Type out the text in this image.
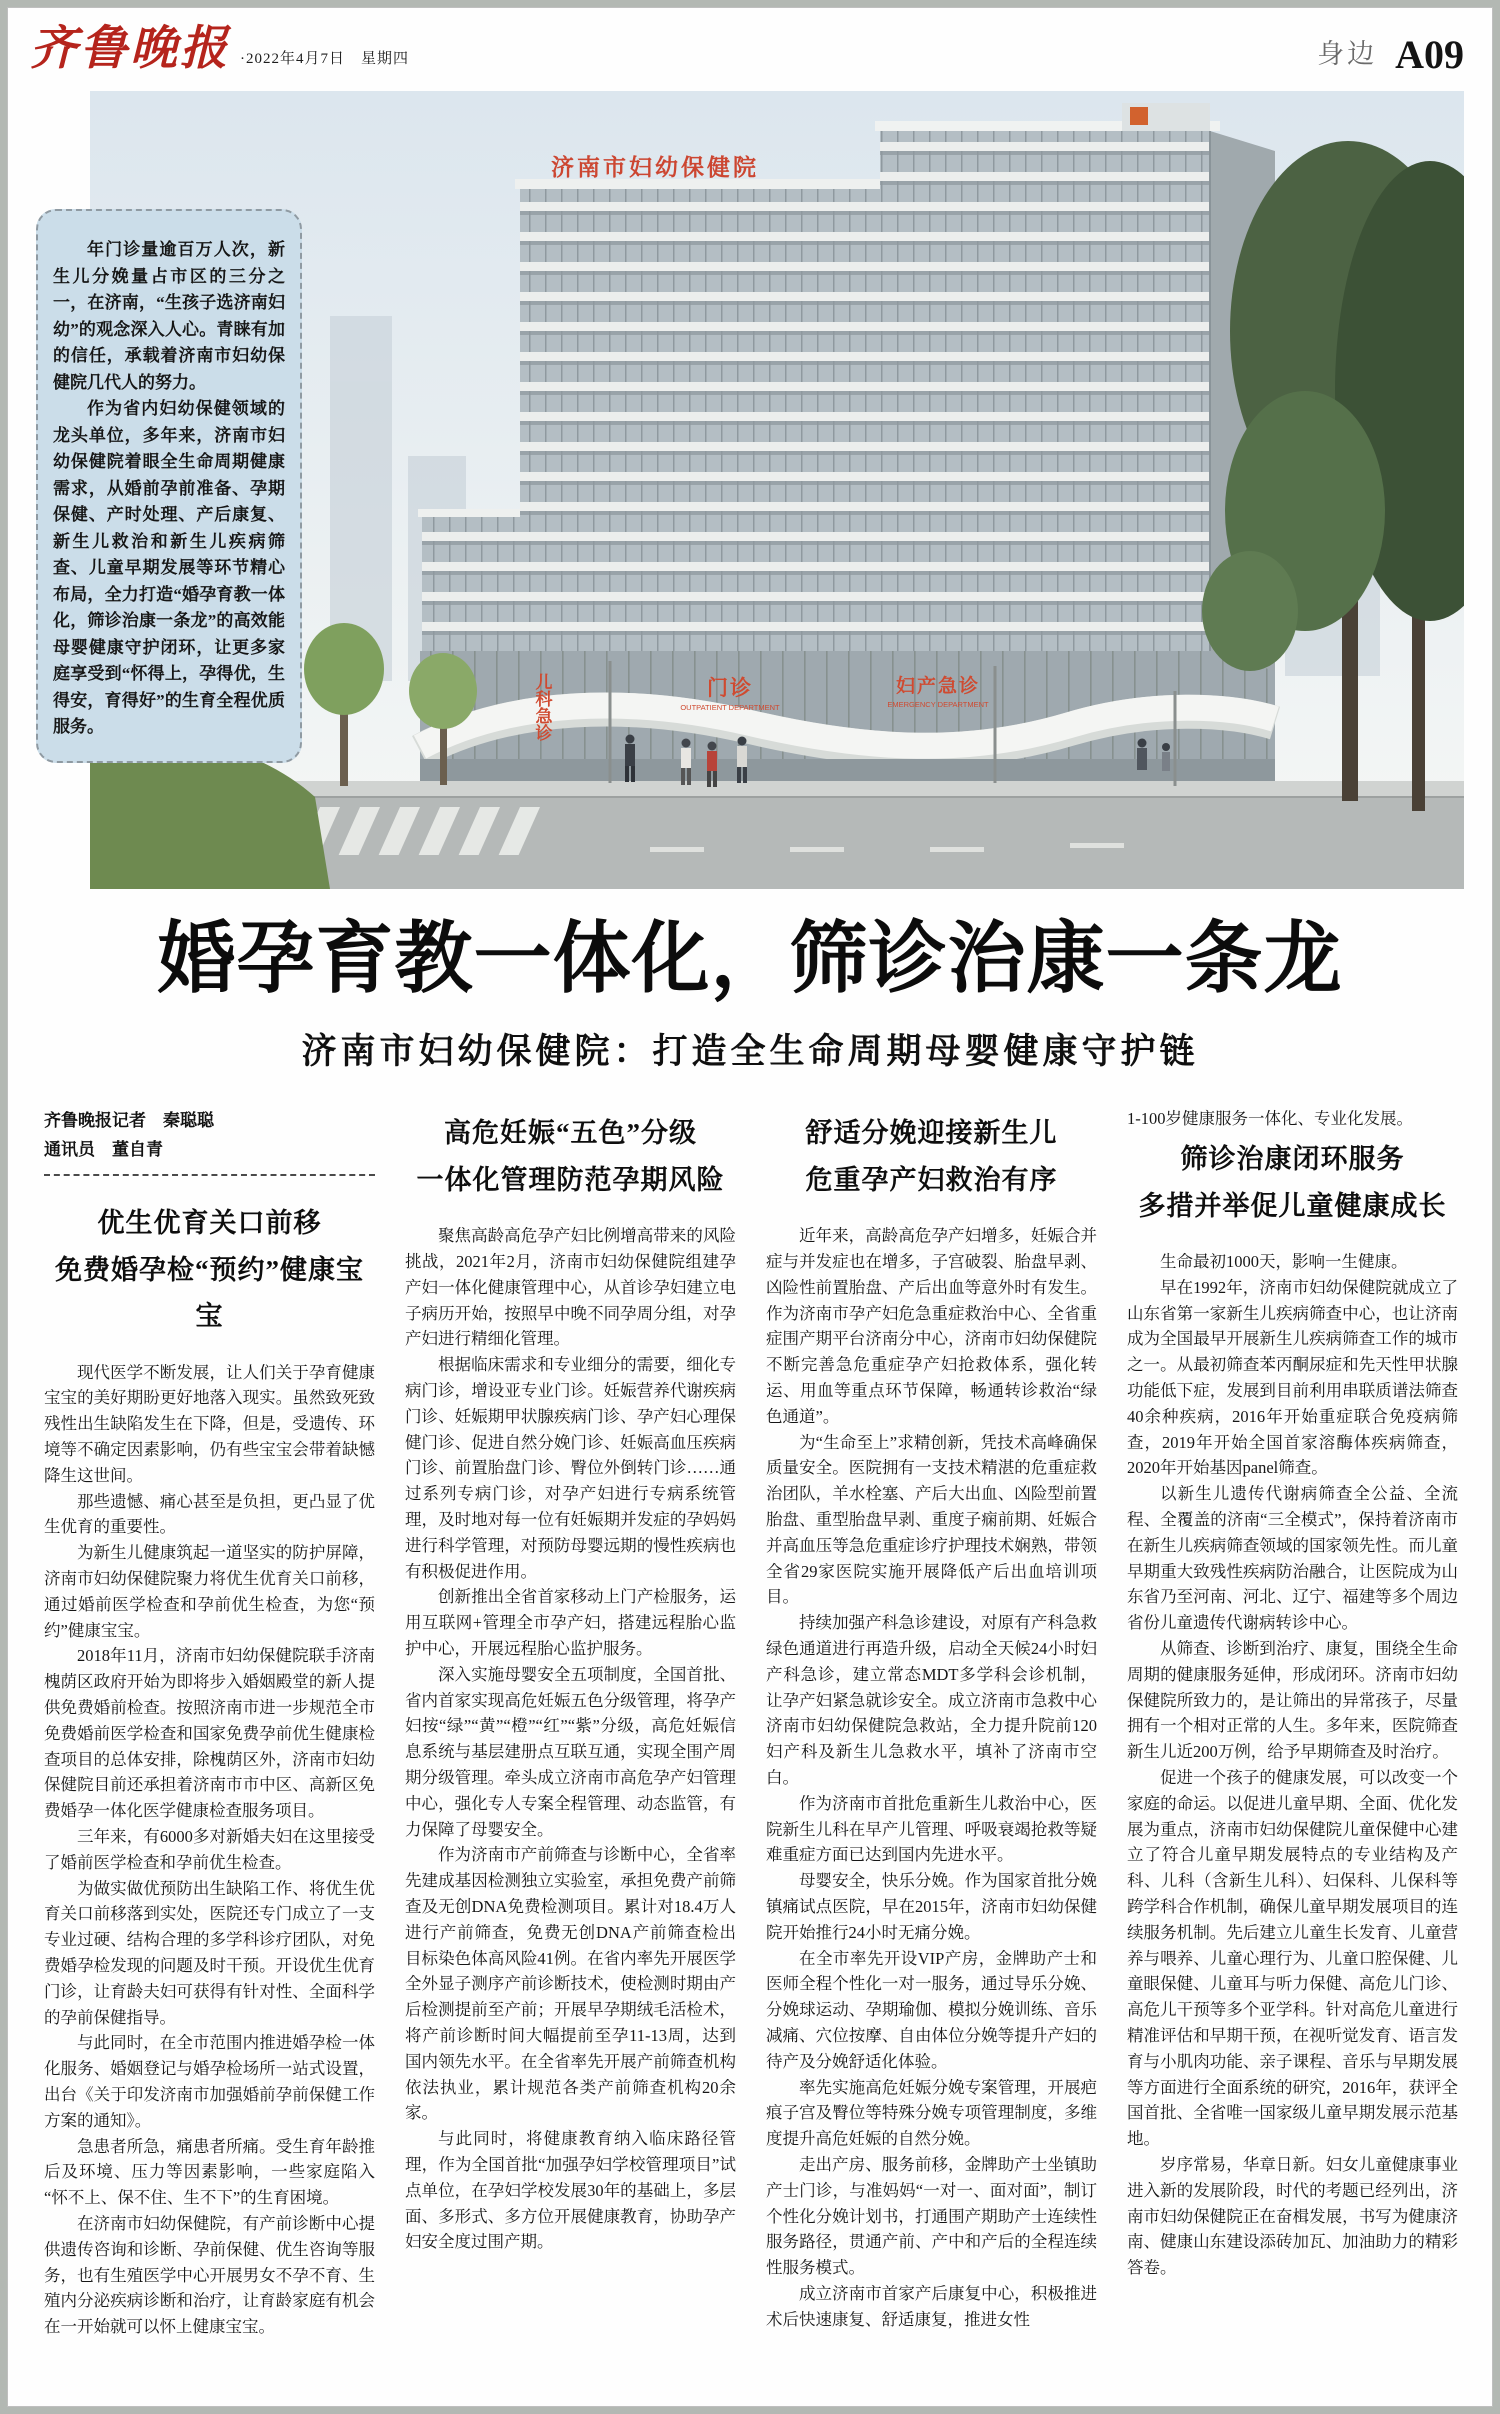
齐鲁晚报 ·2022年4月7日　星期四	身边 A09
济南市妇幼保健院
儿科急诊	门诊
OUTPATIENT DEPARTMENT
妇产急诊
EMERGENCY DEPARTMENT

年门诊量逾百万人次，新生儿分娩量占市区的三分之一，在济南，“生孩子选济南妇幼”的观念深入人心。青睐有加的信任，承载着济南市妇幼保健院几代人的努力。

作为省内妇幼保健领域的龙头单位，多年来，济南市妇幼保健院着眼全生命周期健康需求，从婚前孕前准备、孕期保健、产时处理、产后康复、新生儿救治和新生儿疾病筛查、儿童早期发展等环节精心布局，全力打造“婚孕育教一体化，筛诊治康一条龙”的高效能母婴健康守护闭环，让更多家庭享受到“怀得上，孕得优，生得安，育得好”的生育全程优质服务。

婚孕育教一体化，筛诊治康一条龙
济南市妇幼保健院：打造全生命周期母婴健康守护链

齐鲁晚报记者　秦聪聪

通讯员　董自青

优生优育关口前移
免费婚孕检“预约”健康宝宝

现代医学不断发展，让人们关于孕育健康宝宝的美好期盼更好地落入现实。虽然致死致残性出生缺陷发生在下降，但是，受遗传、环境等不确定因素影响，仍有些宝宝会带着缺憾降生这世间。

那些遗憾、痛心甚至是负担，更凸显了优生优育的重要性。

为新生儿健康筑起一道坚实的防护屏障，济南市妇幼保健院聚力将优生优育关口前移，通过婚前医学检查和孕前优生检查，为您“预约”健康宝宝。

2018年11月，济南市妇幼保健院联手济南槐荫区政府开始为即将步入婚姻殿堂的新人提供免费婚前检查。按照济南市进一步规范全市免费婚前医学检查和国家免费孕前优生健康检查项目的总体安排，除槐荫区外，济南市妇幼保健院目前还承担着济南市市中区、高新区免费婚孕一体化医学健康检查服务项目。

三年来，有6000多对新婚夫妇在这里接受了婚前医学检查和孕前优生检查。

为做实做优预防出生缺陷工作、将优生优育关口前移落到实处，医院还专门成立了一支专业过硬、结构合理的多学科诊疗团队，对免费婚孕检发现的问题及时干预。开设优生优育门诊，让育龄夫妇可获得有针对性、全面科学的孕前保健指导。

与此同时，在全市范围内推进婚孕检一体化服务、婚姻登记与婚孕检场所一站式设置，出台《关于印发济南市加强婚前孕前保健工作方案的通知》。

急患者所急，痛患者所痛。受生育年龄推后及环境、压力等因素影响，一些家庭陷入“怀不上、保不住、生不下”的生育困境。

在济南市妇幼保健院，有产前诊断中心提供遗传咨询和诊断、孕前保健、优生咨询等服务，也有生殖医学中心开展男女不孕不育、生殖内分泌疾病诊断和治疗，让育龄家庭有机会在一开始就可以怀上健康宝宝。

高危妊娠“五色”分级
一体化管理防范孕期风险

聚焦高龄高危孕产妇比例增高带来的风险挑战，2021年2月，济南市妇幼保健院组建孕产妇一体化健康管理中心，从首诊孕妇建立电子病历开始，按照早中晚不同孕周分组，对孕产妇进行精细化管理。

根据临床需求和专业细分的需要，细化专病门诊，增设亚专业门诊。妊娠营养代谢疾病门诊、妊娠期甲状腺疾病门诊、孕产妇心理保健门诊、促进自然分娩门诊、妊娠高血压疾病门诊、前置胎盘门诊、臀位外倒转门诊……通过系列专病门诊，对孕产妇进行专病系统管理，及时地对每一位有妊娠期并发症的孕妈妈进行科学管理，对预防母婴远期的慢性疾病也有积极促进作用。

创新推出全省首家移动上门产检服务，运用互联网+管理全市孕产妇，搭建远程胎心监护中心，开展远程胎心监护服务。

深入实施母婴安全五项制度，全国首批、省内首家实现高危妊娠五色分级管理，将孕产妇按“绿”“黄”“橙”“红”“紫”分级，高危妊娠信息系统与基层建册点互联互通，实现全围产周期分级管理。牵头成立济南市高危孕产妇管理中心，强化专人专案全程管理、动态监管，有力保障了母婴安全。

作为济南市产前筛查与诊断中心，全省率先建成基因检测独立实验室，承担免费产前筛查及无创DNA免费检测项目。累计对18.4万人进行产前筛查，免费无创DNA产前筛查检出目标染色体高风险41例。在省内率先开展医学全外显子测序产前诊断技术，使检测时期由产后检测提前至产前；开展早孕期绒毛活检术，将产前诊断时间大幅提前至孕11-13周，达到国内领先水平。在全省率先开展产前筛查机构依法执业，累计规范各类产前筛查机构20余家。

与此同时，将健康教育纳入临床路径管理，作为全国首批“加强孕妇学校管理项目”试点单位，在孕妇学校发展30年的基础上，多层面、多形式、多方位开展健康教育，协助孕产妇安全度过围产期。

舒适分娩迎接新生儿
危重孕产妇救治有序

近年来，高龄高危孕产妇增多，妊娠合并症与并发症也在增多，子宫破裂、胎盘早剥、凶险性前置胎盘、产后出血等意外时有发生。作为济南市孕产妇危急重症救治中心、全省重症围产期平台济南分中心，济南市妇幼保健院不断完善急危重症孕产妇抢救体系，强化转运、用血等重点环节保障，畅通转诊救治“绿色通道”。

为“生命至上”求精创新，凭技术高峰确保质量安全。医院拥有一支技术精湛的危重症救治团队，羊水栓塞、产后大出血、凶险型前置胎盘、重型胎盘早剥、重度子痫前期、妊娠合并高血压等急危重症诊疗护理技术娴熟，带领全省29家医院实施开展降低产后出血培训项目。

持续加强产科急诊建设，对原有产科急救绿色通道进行再造升级，启动全天候24小时妇产科急诊，建立常态MDT多学科会诊机制，让孕产妇紧急就诊安全。成立济南市急救中心济南市妇幼保健院急救站，全力提升院前120妇产科及新生儿急救水平，填补了济南市空白。

作为济南市首批危重新生儿救治中心，医院新生儿科在早产儿管理、呼吸衰竭抢救等疑难重症方面已达到国内先进水平。

母婴安全，快乐分娩。作为国家首批分娩镇痛试点医院，早在2015年，济南市妇幼保健院开始推行24小时无痛分娩。

在全市率先开设VIP产房，金牌助产士和医师全程个性化一对一服务，通过导乐分娩、分娩球运动、孕期瑜伽、模拟分娩训练、音乐减痛、穴位按摩、自由体位分娩等提升产妇的待产及分娩舒适化体验。

率先实施高危妊娠分娩专案管理，开展疤痕子宫及臀位等特殊分娩专项管理制度，多维度提升高危妊娠的自然分娩。

走出产房、服务前移，金牌助产士坐镇助产士门诊，与准妈妈“一对一、面对面”，制订个性化分娩计划书，打通围产期助产士连续性服务路径，贯通产前、产中和产后的全程连续性服务模式。

成立济南市首家产后康复中心，积极推进术后快速康复、舒适康复，推进女性

1-100岁健康服务一体化、专业化发展。

筛诊治康闭环服务
多措并举促儿童健康成长

生命最初1000天，影响一生健康。

早在1992年，济南市妇幼保健院就成立了山东省第一家新生儿疾病筛查中心，也让济南成为全国最早开展新生儿疾病筛查工作的城市之一。从最初筛查苯丙酮尿症和先天性甲状腺功能低下症，发展到目前利用串联质谱法筛查40余种疾病，2016年开始重症联合免疫病筛查，2019年开始全国首家溶酶体疾病筛查，2020年开始基因panel筛查。

以新生儿遗传代谢病筛查全公益、全流程、全覆盖的济南“三全模式”，保持着济南市在新生儿疾病筛查领域的国家领先性。而儿童早期重大致残性疾病防治融合，让医院成为山东省乃至河南、河北、辽宁、福建等多个周边省份儿童遗传代谢病转诊中心。

从筛查、诊断到治疗、康复，围绕全生命周期的健康服务延伸，形成闭环。济南市妇幼保健院所致力的，是让筛出的异常孩子，尽量拥有一个相对正常的人生。多年来，医院筛查新生儿近200万例，给予早期筛查及时治疗。

促进一个孩子的健康发展，可以改变一个家庭的命运。以促进儿童早期、全面、优化发展为重点，济南市妇幼保健院儿童保健中心建立了符合儿童早期发展特点的专业结构及产科、儿科（含新生儿科）、妇保科、儿保科等跨学科合作机制，确保儿童早期发展项目的连续服务机制。先后建立儿童生长发育、儿童营养与喂养、儿童心理行为、儿童口腔保健、儿童眼保健、儿童耳与听力保健、高危儿门诊、高危儿干预等多个亚学科。针对高危儿童进行精准评估和早期干预，在视听觉发育、语言发育与小肌肉功能、亲子课程、音乐与早期发展等方面进行全面系统的研究，2016年，获评全国首批、全省唯一国家级儿童早期发展示范基地。

岁序常易，华章日新。妇女儿童健康事业进入新的发展阶段，时代的考题已经列出，济南市妇幼保健院正在奋楫发展，书写为健康济南、健康山东建设添砖加瓦、加油助力的精彩答卷。
